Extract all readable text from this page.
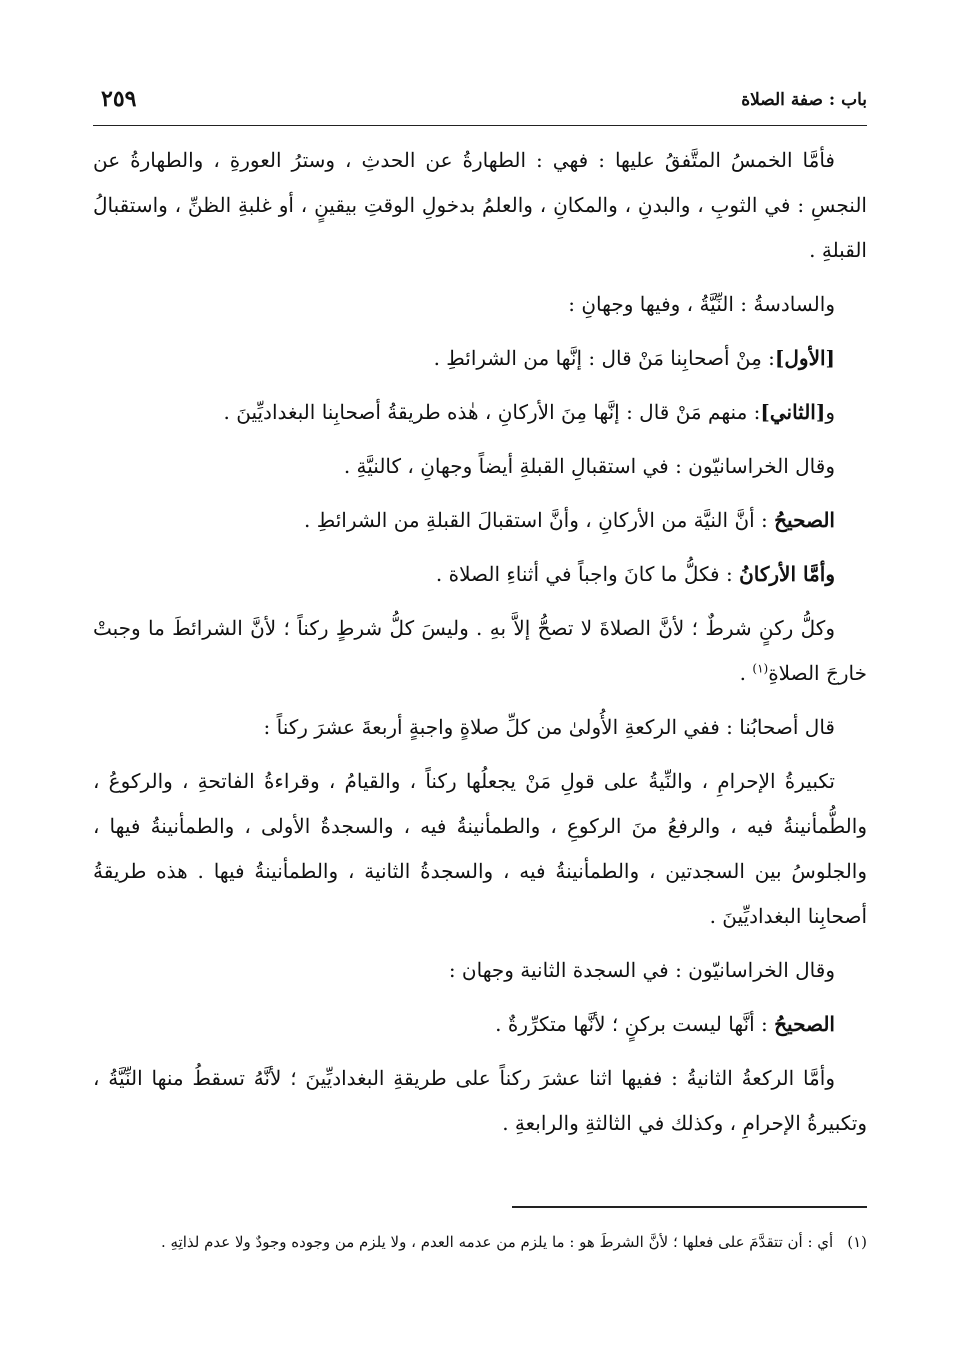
باب : صفة الصلاة
٢٥٩

فأمَّا الخمسُ المتَّفقُ عليها : فهي : الطهارةُ عن الحدثِ ، وسترُ العورةِ ، والطهارةُ عن النجسِ : في الثوبِ ، والبدنِ ، والمكانِ ، والعلمُ بدخولِ الوقتِ بيقينٍ ، أو غلبةِ الظنِّ ، واستقبالُ القبلةِ .

والسادسةُ : النِّيَّةُ ، وفيها وجهانِ :

[الأول]: مِنْ أصحابِنا مَنْ قال : إنَّها من الشرائطِ .

و[الثاني]: منهم مَنْ قال : إنَّها مِنَ الأركانِ ، هٰذه طريقةُ أصحابِنا البغداديِّينَ .

وقال الخراسانيّون : في استقبالِ القبلةِ أيضاً وجهانِ ، كالنيَّةِ .

الصحيحُ : أنَّ النيَّة من الأركانِ ، وأنَّ استقبالَ القبلةِ من الشرائطِ .

وأمَّا الأركانُ : فكلُّ ما كانَ واجباً في أثناءِ الصلاة .

وكلُّ ركنٍ شرطٌ ؛ لأنَّ الصلاةَ لا تصحُّ إلاَّ بهِ . وليسَ كلُّ شرطٍ ركناً ؛ لأنَّ الشرائطَ ما وجبتْ خارجَ الصلاةِ$^{(١)}$ .

قال أصحابُنا : ففي الركعةِ الأُولىٰ من كلِّ صلاةٍ واجبةٍ أربعةَ عشرَ ركناً :

تكبيرةُ الإحرامِ ، والنِّيةُ على قولِ مَنْ يجعلُها ركناً ، والقيامُ ، وقراءةُ الفاتحةِ ، والركوعُ ، والطُّمأنينةُ فيه ، والرفعُ منَ الركوعِ ، والطمأنينةُ فيه ، والسجدةُ الأولى ، والطمأنينةُ فيها ، والجلوسُ بين السجدتين ، والطمأنينةُ فيه ، والسجدةُ الثانية ، والطمأنينةُ فيها . هذه طريقةُ أصحابِنا البغداديِّينَ .

وقال الخراسانيّون : في السجدة الثانية وجهان :

الصحيحُ : أنَّها ليست بركنٍ ؛ لأنَّها متكرِّرةٌ .

وأمَّا الركعةُ الثانيةُ : ففيها اثنا عشرَ ركناً على طريقةِ البغداديِّينَ ؛ لأنَّهُ تسقطُ منها النِّيَّةُ ، وتكبيرةُ الإحرامِ ، وكذلك في الثالثةِ والرابعةِ .

(١)أي : أن تتقدَّمَ على فعلها ؛ لأنَّ الشرطَ هو : ما يلزم من عدمه العدم ، ولا يلزم من وجوده وجودٌ ولا عدم لذاتِهِ .
